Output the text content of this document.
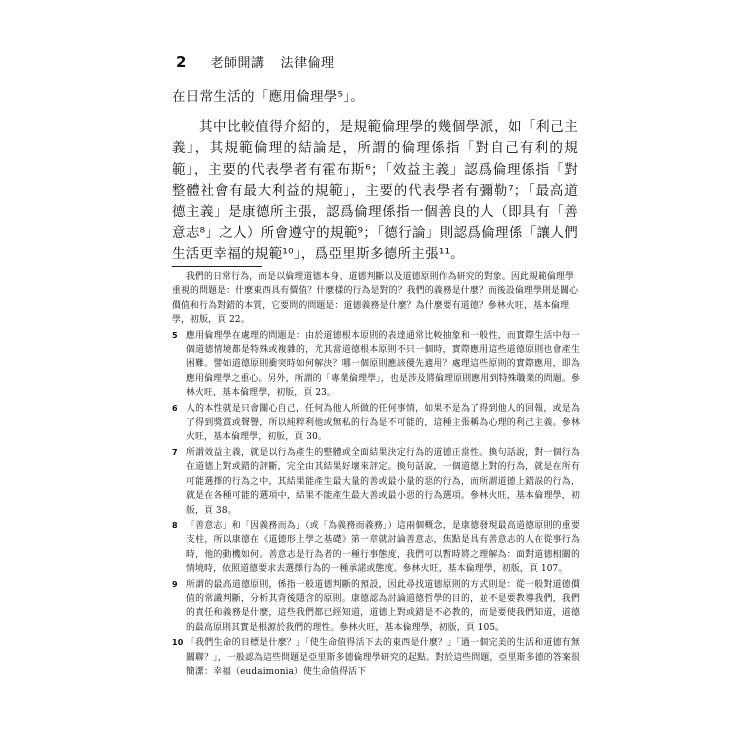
2 老師開講 法律倫理

在日常生活的「應用倫理學⁵」。

其中比較值得介紹的，是規範倫理學的幾個學派，如「利己主義」，其規範倫理的結論是，所謂的倫理係指「對自己有利的規範」，主要的代表學者有霍布斯⁶；「效益主義」認爲倫理係指「對整體社會有最大利益的規範」，主要的代表學者有彌勒⁷；「最高道德主義」是康德所主張，認爲倫理係指一個善良的人（即具有「善意志⁸」之人）所會遵守的規範⁹；「德行論」則認爲倫理係「讓人們生活更幸福的規範¹⁰」，爲亞里斯多德所主張¹¹。

我們的日常行為，而是以倫理道德本身、道德判斷以及道德原則作為研究的對象。因此規範倫理學重視的問題是：什麼東西具有價值？什麼樣的行為是對的？我們的義務是什麼？而後設倫理學則是關心價值和行為對錯的本質，它要問的問題是：道德義務是什麼？為什麼要有道德？參林火旺，基本倫理學，初版，頁 22。
5 應用倫理學在處理的問題是：由於道德根本原則的表達通常比較抽象和一般性，而實際生活中每一個道德情境都是特殊或複雜的，尤其當道德根本原則不只一個時，實際應用這些道德原則也會產生困難。譬如道德原則衝突時如何解決？哪一個原則應該優先適用？處理這些原則的實際應用，即為應用倫理學之重心。另外，所謂的「專業倫理學」，也是涉及將倫理原則應用到特殊職業的問題。參林火旺，基本倫理學，初版，頁 23。
6 人的本性就是只會關心自己，任何為他人所做的任何事情，如果不是為了得到他人的回報，或是為了得到獎賞或聲譽，所以純粹利他或無私的行為是不可能的，這種主張稱為心理的利己主義。參林火旺，基本倫理學，初版，頁 30。
7 所謂效益主義，就是以行為產生的整體或全面結果決定行為的道德正當性。換句話說，對一個行為在道德上對或錯的評斷，完全由其結果好壞來評定。換句話說，一個道德上對的行為，就是在所有可能選擇的行為之中，其結果能產生最大量的善或最小量的惡的行為，而所謂道德上錯誤的行為，就是在各種可能的選項中，結果不能產生最大善或最小惡的行為選項。參林火旺，基本倫理學，初版，頁 38。
8 「善意志」和「因義務而為」（或「為義務而義務」）這兩個概念，是康德發現最高道德原則的重要支柱，所以康德在《道德形上學之基礎》第一章就討論善意志，焦點是具有善意志的人在從事行為時，他的動機如何。善意志是行為者的一種行事態度，我們可以暫時將之理解為：面對道德相關的情境時，依照道德要求去選擇行為的一種承諾或態度。參林火旺，基本倫理學，初版，頁 107。
9 所謂的最高道德原則，係指一般道德判斷的預設，因此尋找道德原則的方式則是：從一般對道德價值的常識判斷，分析其背後隱含的原則。康德認為討論道德哲學的目的，並不是要教導我們，我們的責任和義務是什麼，這些我們都已經知道，道德上對或錯是不必教的，而是要使我們知道，道德的最高原則其實是根源於我們的理性。參林火旺，基本倫理學，初版，頁 105。
10 「我們生命的目標是什麼？」「使生命值得活下去的東西是什麼？」「過一個完美的生活和道德有無關聯？」，一般認為這些問題是亞里斯多德倫理學研究的起點。對於這些問題，亞里斯多德的答案很簡潔：幸福（eudaimonia）使生命值得活下
